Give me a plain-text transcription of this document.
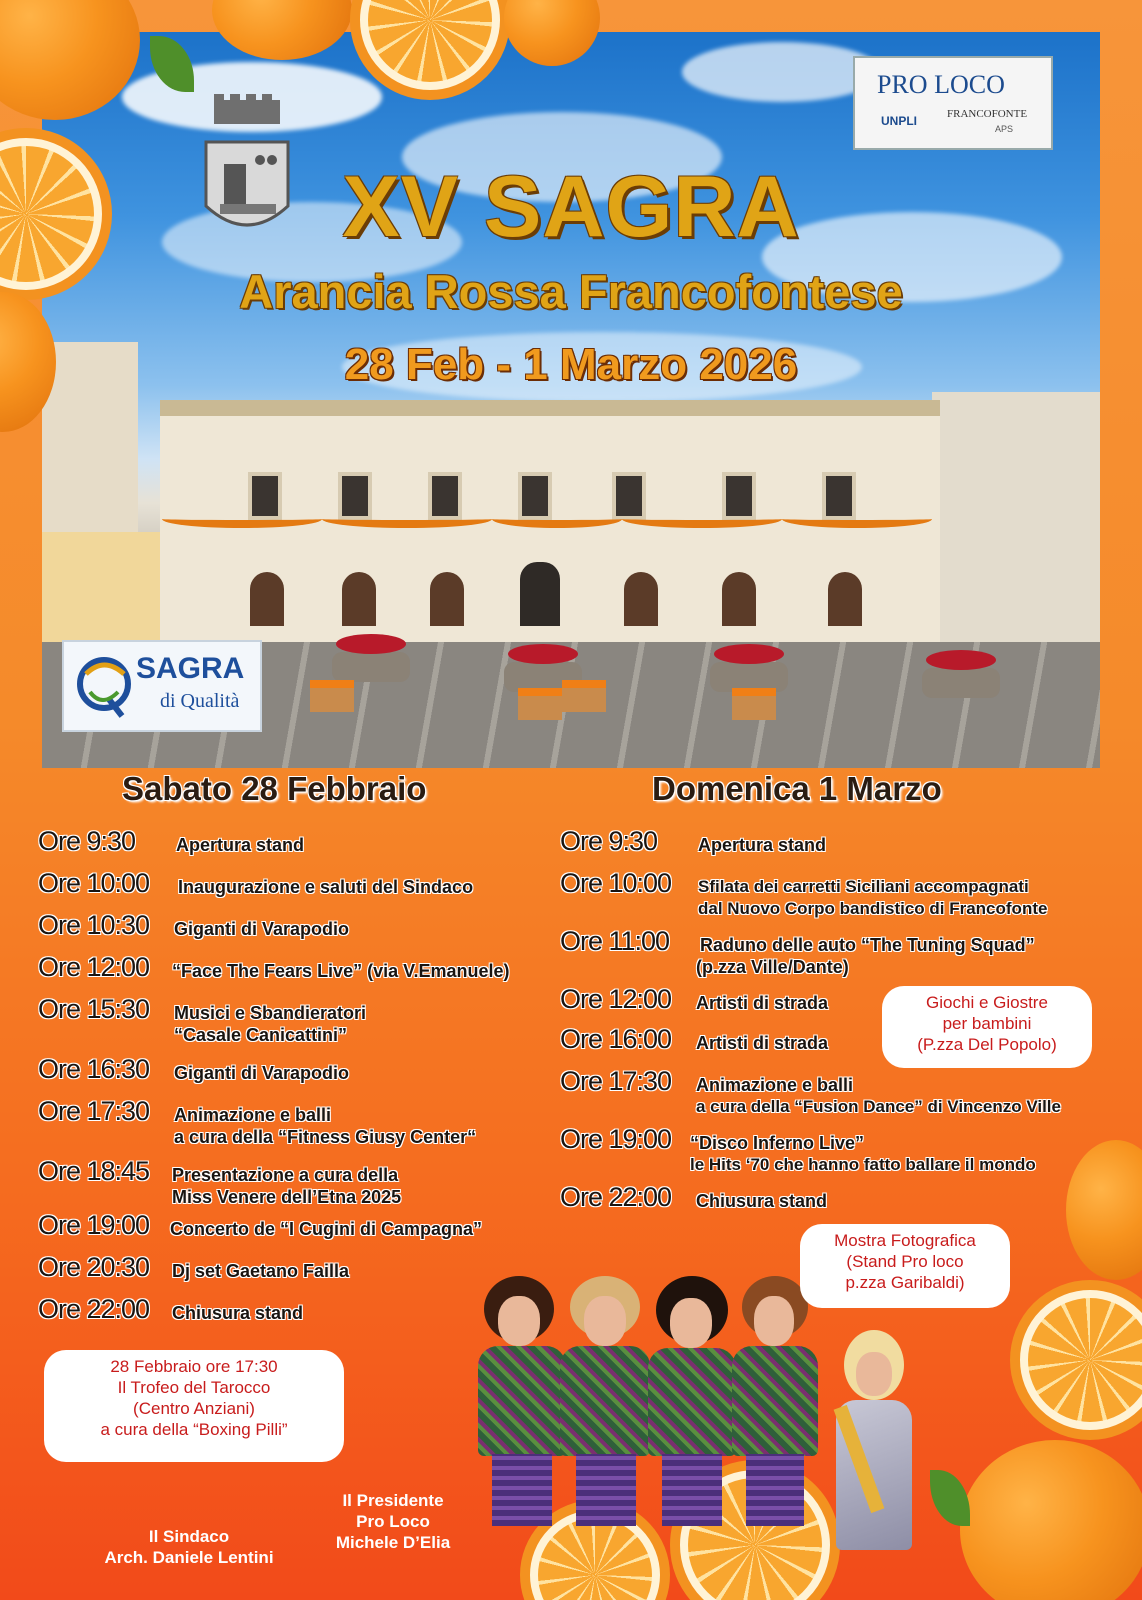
PRO LOCO
UNPLI	FRANCOFONTE
APS
XV SAGRA
Arancia Rossa Francofontese
28 Feb - 1 Marzo 2026
SAGRA
di Qualità
Sabato 28 Febbraio
Ore 9:30 Apertura stand
Ore 10:00 Inaugurazione e saluti del Sindaco
Ore 10:30 Giganti di Varapodio
Ore 12:00 “Face The Fears Live” (via V.Emanuele)
Ore 15:30 Musici e Sbandieratori
“Casale Canicattini”
Ore 16:30 Giganti di Varapodio
Ore 17:30 Animazione e balli
a cura della “Fitness Giusy Center“
Ore 18:45 Presentazione a cura della
Miss Venere dell’Etna 2025
Ore 19:00 Concerto de “I Cugini di Campagna”
Ore 20:30 Dj set Gaetano Failla
Ore 22:00 Chiusura stand
Domenica 1 Marzo
Ore 9:30 Apertura stand
Ore 10:00 Sfilata dei carretti Siciliani accompagnati
dal Nuovo Corpo bandistico di Francofonte
Ore 11:00 Raduno delle auto “The Tuning Squad”
(p.zza Ville/Dante)
Ore 12:00 Artisti di strada
Ore 16:00 Artisti di strada
Ore 17:30 Animazione e balli
a cura della “Fusion Dance” di Vincenzo Ville
Ore 19:00 “Disco Inferno Live”
le Hits ‘70 che hanno fatto ballare il mondo
Ore 22:00 Chiusura stand
Giochi e Giostre
per bambini
(P.zza Del Popolo)
Mostra Fotografica
(Stand Pro loco
p.zza Garibaldi)
28 Febbraio ore 17:30
Il Trofeo del Tarocco
(Centro Anziani)
a cura della “Boxing Pilli”
Il Sindaco
Arch. Daniele Lentini
Il Presidente
Pro Loco
Michele D’Elia
